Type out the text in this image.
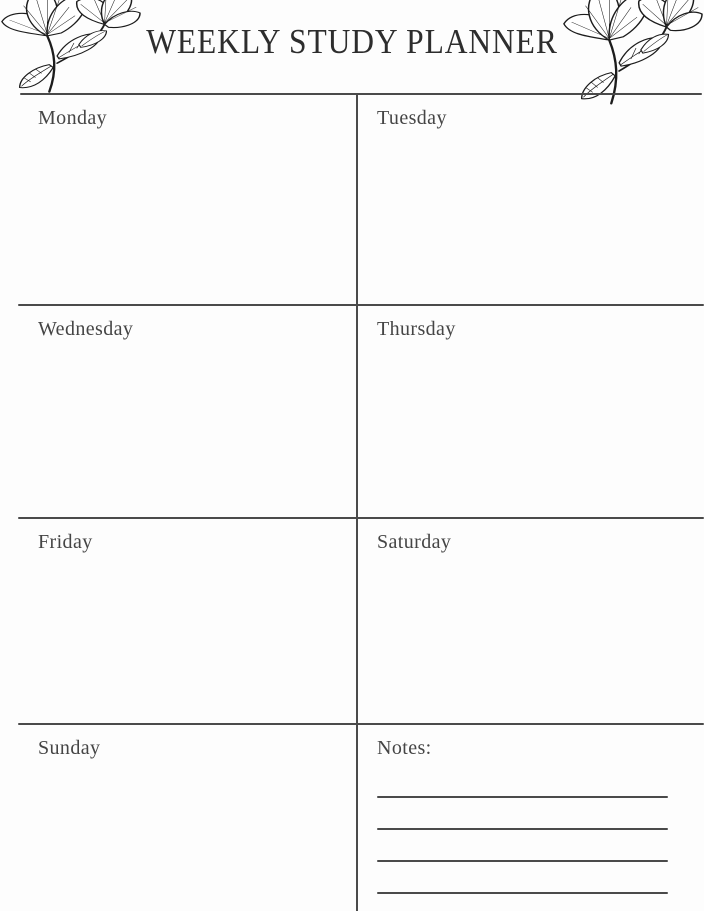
WEEKLY STUDY PLANNER
Monday	Tuesday
Wednesday	Thursday
Friday	Saturday
Sunday	Notes:
